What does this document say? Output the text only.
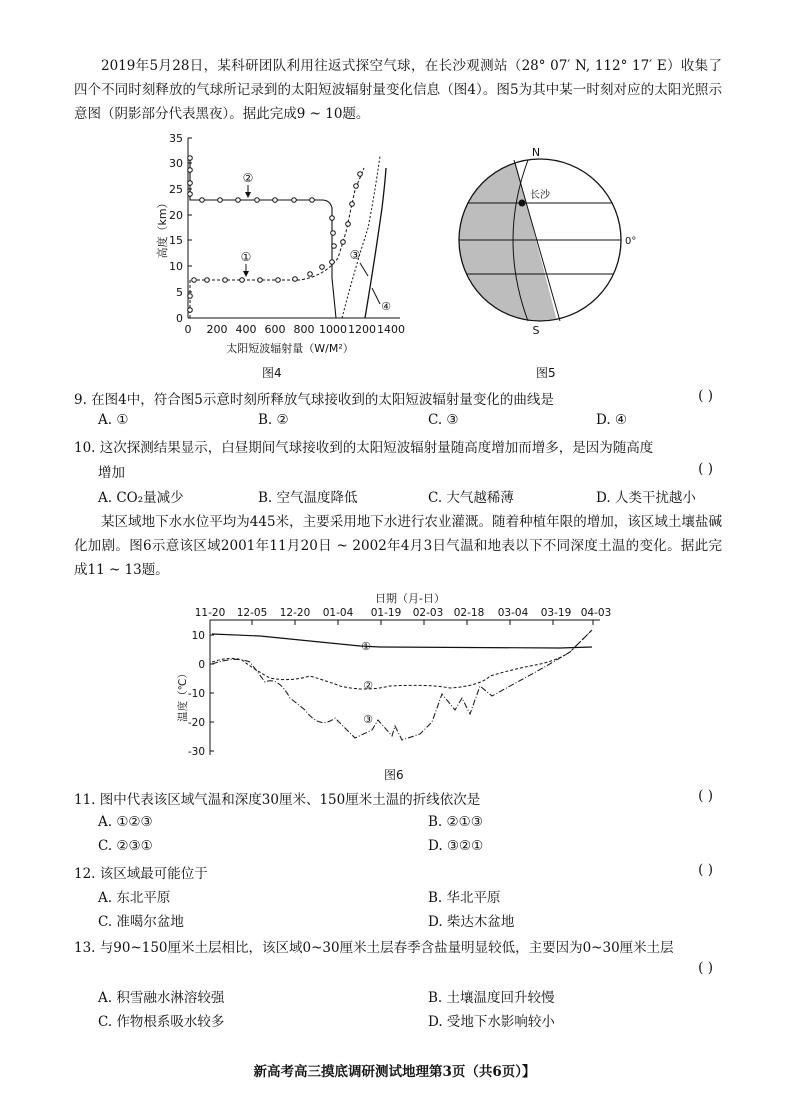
2019年5月28日，某科研团队利用往返式探空气球，在长沙观测站（28° 07′ N, 112° 17′ E）收集了四个不同时刻释放的气球所记录到的太阳短波辐射量变化信息（图4）。图5为其中某一时刻对应的太阳光照示意图（阴影部分代表黑夜）。据此完成9 ~ 10题。
0
5
10
15
20
25
30
35
0 200 400 600 800 1000 1200 1400
高度（km）
太阳短波辐射量（W/M²）
②
①	③
④
图4
长沙
N
S
0°
图5
9. 在图4中，符合图5示意时刻所释放气球接收到的太阳短波辐射量变化的曲线是	( )
A. ①	B. ②	C. ③	D. ④
10. 这次探测结果显示，白昼期间气球接收到的太阳短波辐射量随高度增加而增多，是因为随高度
增加	( )
A. CO₂量减少	B. 空气温度降低	C. 大气越稀薄	D. 人类干扰越小
某区域地下水水位平均为445米，主要采用地下水进行农业灌溉。随着种植年限的增加，该区域土壤盐碱化加剧。图6示意该区域2001年11月20日 ~ 2002年4月3日气温和地表以下不同深度土温的变化。据此完成11 ~ 13题。
日期（月-日）
11-20 12-05 12-20 01-04 01-19 02-03 02-18 03-04 03-19 04-03
10
0
-10
-20
-30
温度（℃）
①
②
③
图6
11. 图中代表该区域气温和深度30厘米、150厘米土温的折线依次是	( )
A. ①②③	B. ②①③
C. ②③①	D. ③②①
12. 该区域最可能位于	( )
A. 东北平原	B. 华北平原
C. 准噶尔盆地	D. 柴达木盆地
13. 与90~150厘米土层相比，该区域0~30厘米土层春季含盐量明显较低，主要因为0~30厘米土层
( )
A. 积雪融水淋溶较强	B. 土壤温度回升较慢
C. 作物根系吸水较多	D. 受地下水影响较小
新高考高三摸底调研测试地理第3页（共6页）】
